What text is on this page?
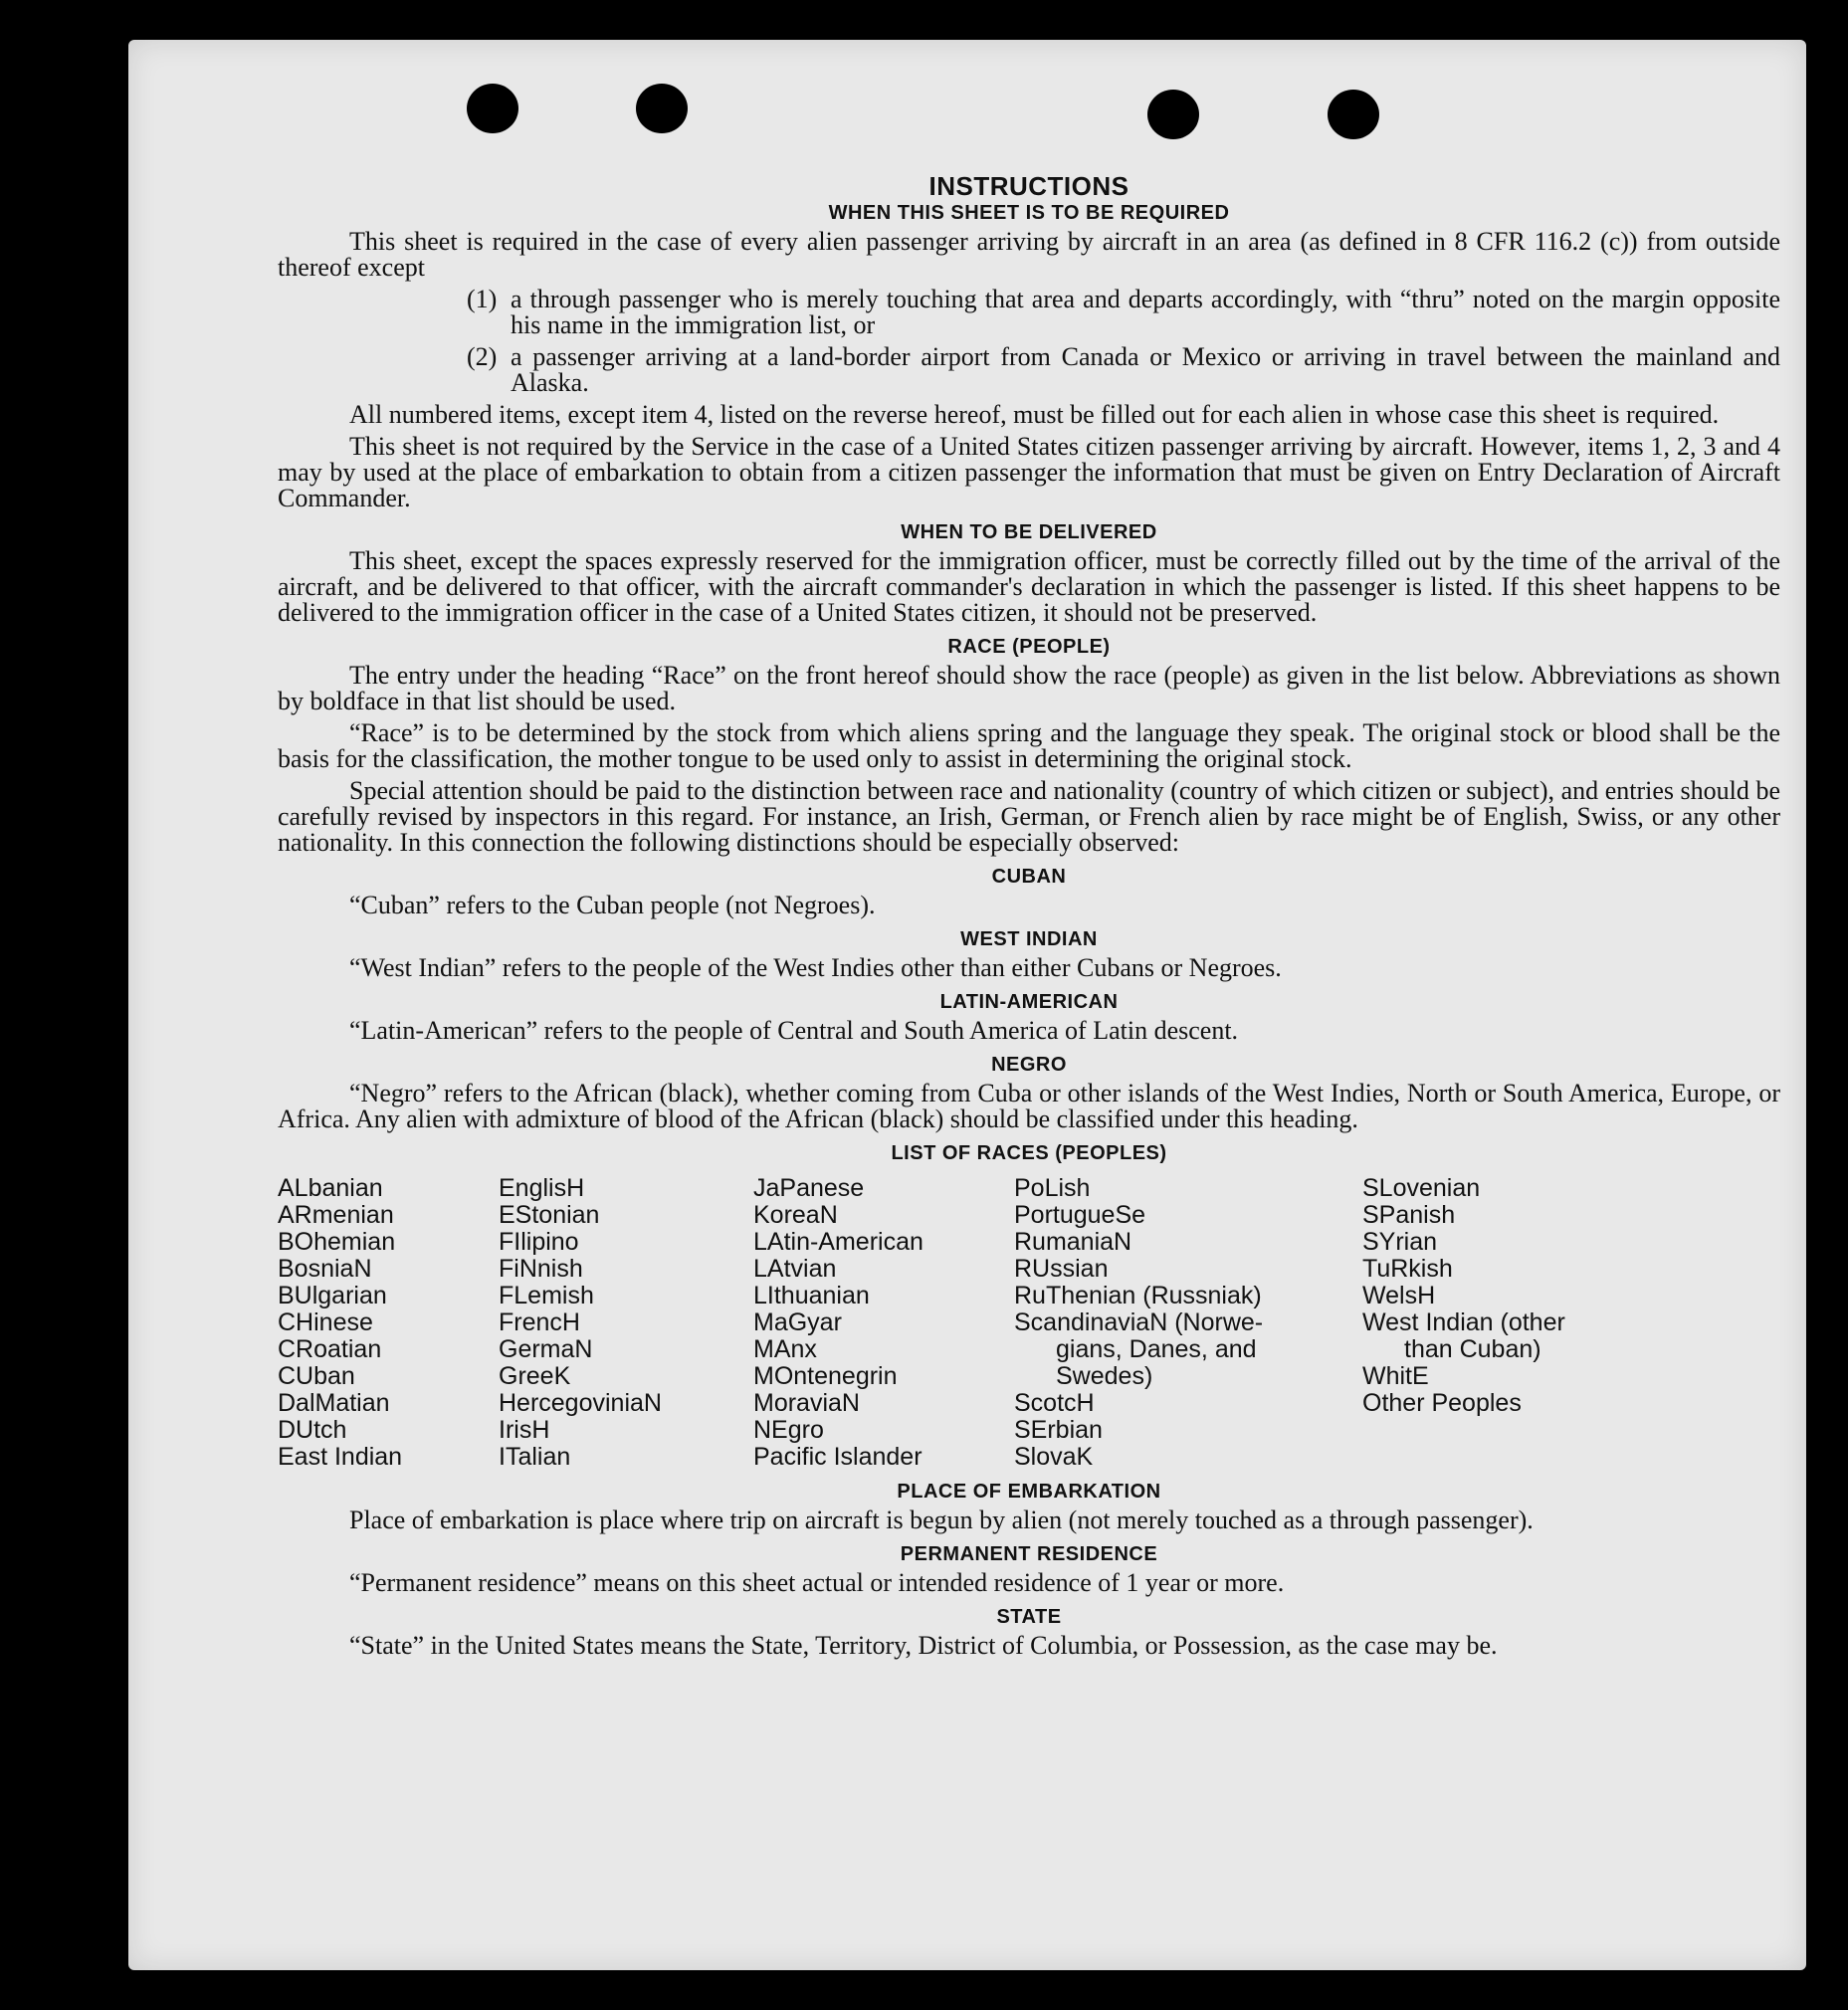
INSTRUCTIONS
WHEN THIS SHEET IS TO BE REQUIRED

This sheet is required in the case of every alien passenger arriving by aircraft in an area (as defined in 8 CFR 116.2 (c)) from outside thereof except

(1) a through passenger who is merely touching that area and departs accordingly, with “thru” noted on the margin opposite his name in the immigration list, or
(2) a passenger arriving at a land-border airport from Canada or Mexico or arriving in travel between the mainland and Alaska.

All numbered items, except item 4, listed on the reverse hereof, must be filled out for each alien in whose case this sheet is required.

This sheet is not required by the Service in the case of a United States citizen passenger arriving by aircraft. However, items 1, 2, 3 and 4 may by used at the place of embarkation to obtain from a citizen passenger the information that must be given on Entry Declaration of Aircraft Commander.

WHEN TO BE DELIVERED

This sheet, except the spaces expressly reserved for the immigration officer, must be correctly filled out by the time of the arrival of the aircraft, and be delivered to that officer, with the aircraft commander's declaration in which the passenger is listed. If this sheet happens to be delivered to the immigration officer in the case of a United States citizen, it should not be preserved.

RACE (PEOPLE)

The entry under the heading “Race” on the front hereof should show the race (people) as given in the list below. Abbreviations as shown by boldface in that list should be used.

“Race” is to be determined by the stock from which aliens spring and the language they speak. The original stock or blood shall be the basis for the classification, the mother tongue to be used only to assist in determining the original stock.

Special attention should be paid to the distinction between race and nationality (country of which citizen or subject), and entries should be carefully revised by inspectors in this regard. For instance, an Irish, German, or French alien by race might be of English, Swiss, or any other nationality. In this connection the following distinctions should be especially observed:

CUBAN

“Cuban” refers to the Cuban people (not Negroes).

WEST INDIAN

“West Indian” refers to the people of the West Indies other than either Cubans or Negroes.

LATIN-AMERICAN

“Latin-American” refers to the people of Central and South America of Latin descent.

NEGRO

“Negro” refers to the African (black), whether coming from Cuba or other islands of the West Indies, North or South America, Europe, or Africa. Any alien with admixture of blood of the African (black) should be classified under this heading.

LIST OF RACES (PEOPLES)
ALbanian
ARmenian
BOhemian
BosniaN
BUlgarian
CHinese
CRoatian
CUban
DalMatian
DUtch
East Indian
EnglisH
EStonian
FIlipino
FiNnish
FLemish
FrencH
GermaN
GreeK
HercegoviniaN
IrisH
ITalian
JaPanese
KoreaN
LAtin-American
LAtvian
LIthuanian
MaGyar
MAnx
MOntenegrin
MoraviaN
NEgro
Pacific Islander
PoLish
PortugueSe
RumaniaN
RUssian
RuThenian (Russniak)
ScandinaviaN (Norwe-
gians, Danes, and
Swedes)
ScotcH
SErbian
SlovaK
SLovenian
SPanish
SYrian
TuRkish
WelsH
West Indian (other
than Cuban)
WhitE
Other Peoples
PLACE OF EMBARKATION

Place of embarkation is place where trip on aircraft is begun by alien (not merely touched as a through passenger).

PERMANENT RESIDENCE

“Permanent residence” means on this sheet actual or intended residence of 1 year or more.

STATE

“State” in the United States means the State, Territory, District of Columbia, or Possession, as the case may be.
